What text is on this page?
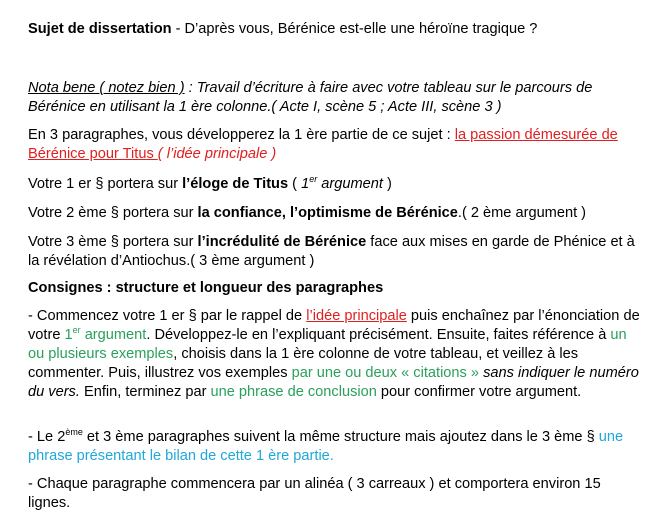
Sujet de dissertation - D’après vous, Bérénice est-elle une héroïne tragique ?

Nota bene ( notez bien ) : Travail d’écriture à faire avec votre tableau sur le parcours de Bérénice en utilisant la 1 ère colonne.( Acte I, scène 5 ; Acte III, scène 3 )

En 3 paragraphes, vous développerez la 1 ère partie de ce sujet : la passion démesurée de Bérénice pour Titus ( l’idée principale )

Votre 1 er § portera sur l’éloge de Titus ( 1er argument )

Votre 2 ème § portera sur la confiance, l’optimisme de Bérénice.( 2 ème argument )

Votre 3 ème § portera sur l’incrédulité de Bérénice face aux mises en garde de Phénice et à la révélation d’Antiochus.( 3 ème argument )

Consignes : structure et longueur des paragraphes

- Commencez votre 1 er § par le rappel de l’idée principale puis enchaînez par l’énonciation de votre 1er argument. Développez-le en l’expliquant précisément. Ensuite, faites référence à un ou plusieurs exemples, choisis dans la 1 ère colonne de votre tableau, et veillez à les commenter. Puis, illustrez vos exemples par une ou deux « citations » sans indiquer le numéro du vers. Enfin, terminez par une phrase de conclusion pour confirmer votre argument.

- Le 2ème et 3 ème paragraphes suivent la même structure mais ajoutez dans le 3 ème § une phrase présentant le bilan de cette 1 ère partie.

- Chaque paragraphe commencera par un alinéa ( 3 carreaux ) et comportera environ 15 lignes.
